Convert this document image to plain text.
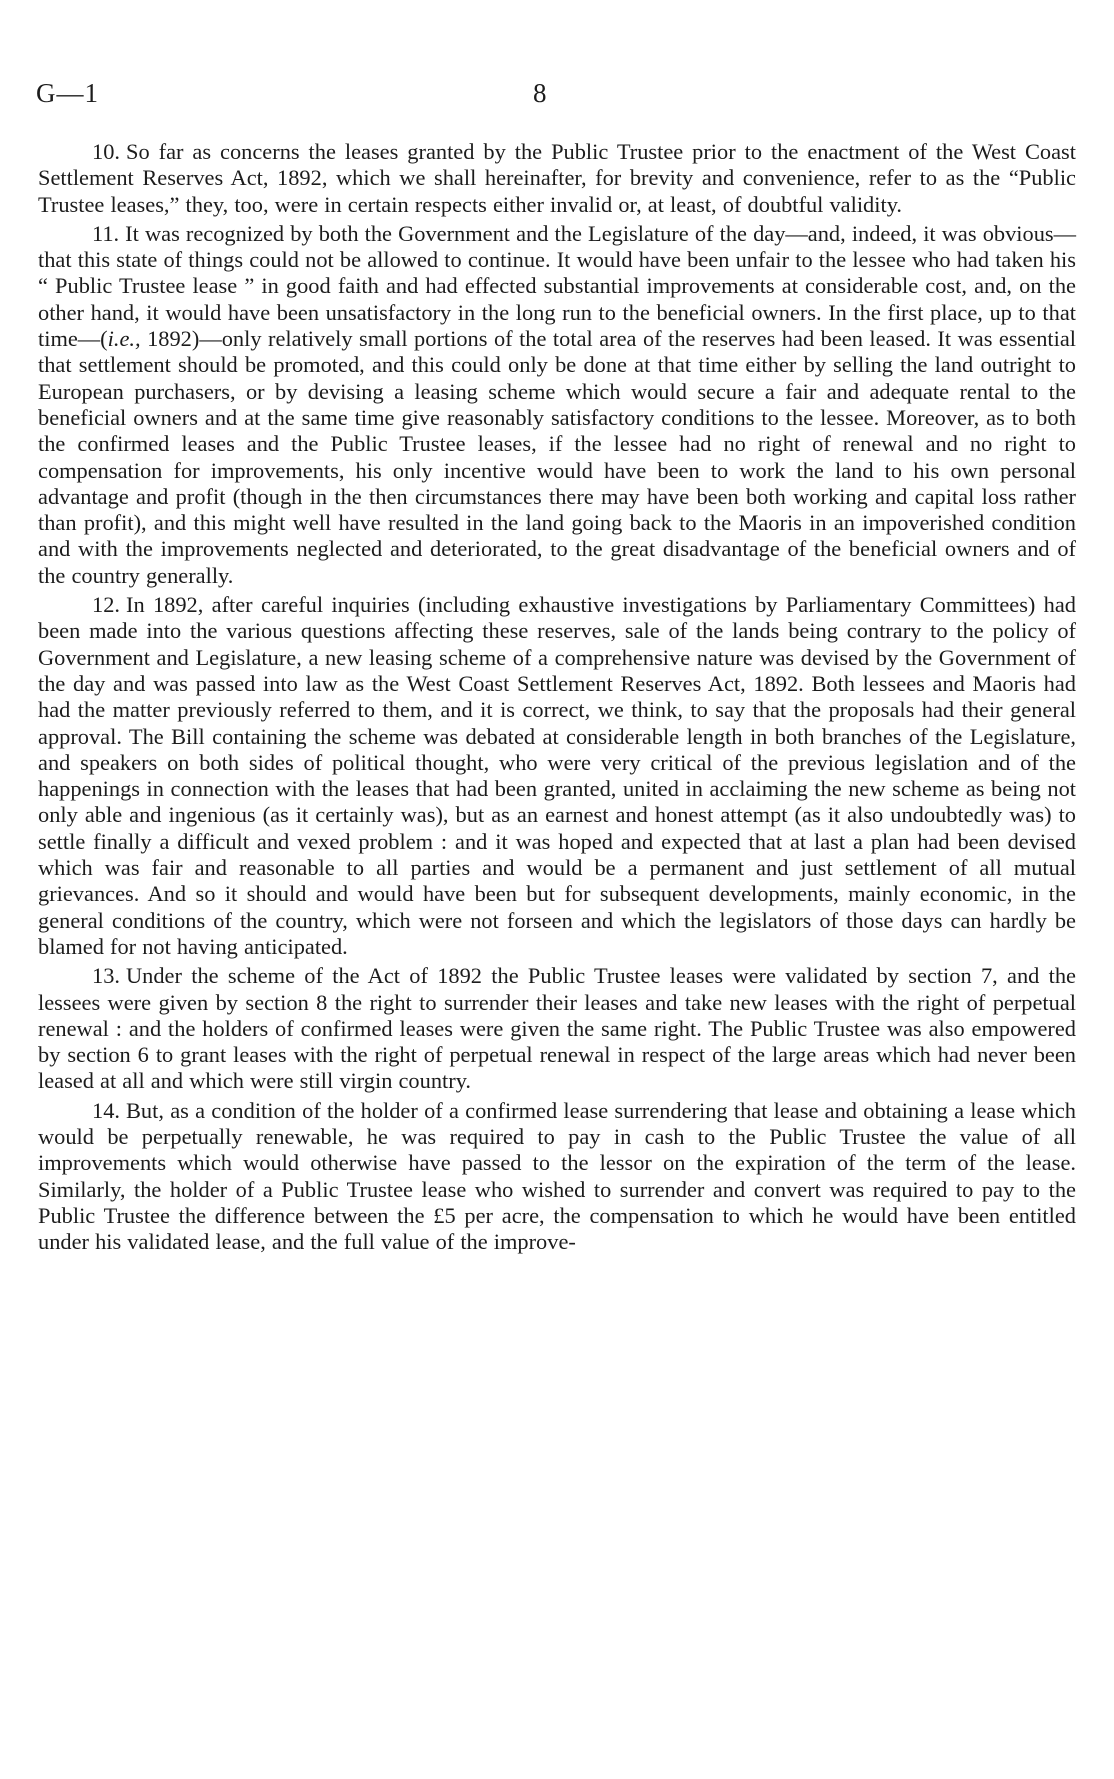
G—1	8

10. So far as concerns the leases granted by the Public Trustee prior to the enactment of the West Coast Settlement Reserves Act, 1892, which we shall hereinafter, for brevity and convenience, refer to as the “Public Trustee leases,” they, too, were in certain respects either invalid or, at least, of doubtful validity.

11. It was recognized by both the Government and the Legislature of the day—and, indeed, it was obvious—that this state of things could not be allowed to continue. It would have been unfair to the lessee who had taken his “ Public Trustee lease ” in good faith and had effected substantial improvements at considerable cost, and, on the other hand, it would have been unsatisfactory in the long run to the beneficial owners. In the first place, up to that time—(i.e., 1892)—only relatively small portions of the total area of the reserves had been leased. It was essential that settlement should be promoted, and this could only be done at that time either by selling the land outright to European purchasers, or by devising a leasing scheme which would secure a fair and adequate rental to the beneficial owners and at the same time give reasonably satisfactory conditions to the lessee. Moreover, as to both the confirmed leases and the Public Trustee leases, if the lessee had no right of renewal and no right to compensation for improvements, his only incentive would have been to work the land to his own personal advantage and profit (though in the then circumstances there may have been both working and capital loss rather than profit), and this might well have resulted in the land going back to the Maoris in an impoverished condition and with the improvements neglected and deteriorated, to the great disadvantage of the beneficial owners and of the country generally.

12. In 1892, after careful inquiries (including exhaustive investigations by Parliamentary Committees) had been made into the various questions affecting these reserves, sale of the lands being contrary to the policy of Government and Legislature, a new leasing scheme of a comprehensive nature was devised by the Government of the day and was passed into law as the West Coast Settlement Reserves Act, 1892. Both lessees and Maoris had had the matter previously referred to them, and it is correct, we think, to say that the proposals had their general approval. The Bill containing the scheme was debated at considerable length in both branches of the Legislature, and speakers on both sides of political thought, who were very critical of the previous legislation and of the happenings in connection with the leases that had been granted, united in acclaiming the new scheme as being not only able and ingenious (as it certainly was), but as an earnest and honest attempt (as it also undoubtedly was) to settle finally a difficult and vexed problem : and it was hoped and expected that at last a plan had been devised which was fair and reasonable to all parties and would be a permanent and just settlement of all mutual grievances. And so it should and would have been but for subsequent developments, mainly economic, in the general conditions of the country, which were not forseen and which the legislators of those days can hardly be blamed for not having anticipated.

13. Under the scheme of the Act of 1892 the Public Trustee leases were validated by section 7, and the lessees were given by section 8 the right to surrender their leases and take new leases with the right of perpetual renewal : and the holders of confirmed leases were given the same right. The Public Trustee was also empowered by section 6 to grant leases with the right of perpetual renewal in respect of the large areas which had never been leased at all and which were still virgin country.

14. But, as a condition of the holder of a confirmed lease surrendering that lease and obtaining a lease which would be perpetually renewable, he was required to pay in cash to the Public Trustee the value of all improvements which would otherwise have passed to the lessor on the expiration of the term of the lease. Similarly, the holder of a Public Trustee lease who wished to surrender and convert was required to pay to the Public Trustee the difference between the £5 per acre, the compensation to which he would have been entitled under his validated lease, and the full value of the improve-
